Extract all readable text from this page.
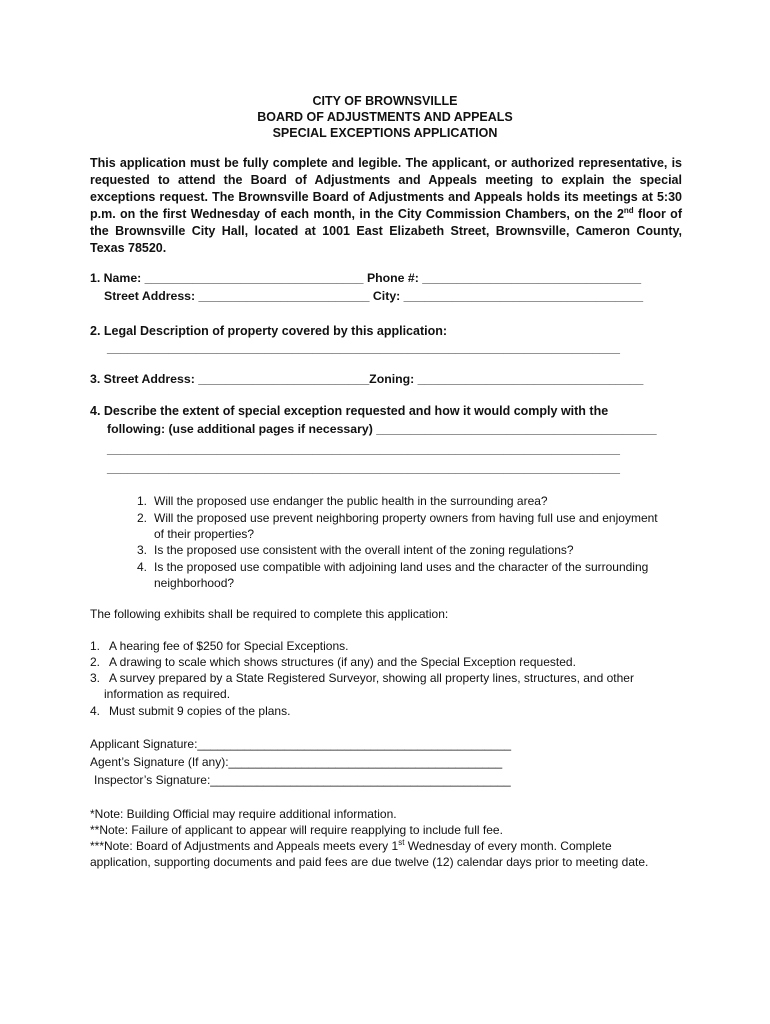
CITY OF BROWNSVILLE
BOARD OF ADJUSTMENTS AND APPEALS
SPECIAL EXCEPTIONS APPLICATION
This application must be fully complete and legible. The applicant, or authorized representative, is
requested to attend the Board of Adjustments and Appeals meeting to explain the special
exceptions request. The Brownsville Board of Adjustments and Appeals holds its meetings at 5:30
p.m. on the first Wednesday of each month, in the City Commission Chambers, on the 2nd floor of
the Brownsville City Hall, located at 1001 East Elizabeth Street, Brownsville, Cameron County,
Texas 78520.
1. Name: ________________________________ Phone #: ________________________________
Street Address: _________________________ City: ___________________________________
2. Legal Description of property covered by this application:
___________________________________________________________________________
3. Street Address: _________________________Zoning: _________________________________
4. Describe the extent of special exception requested and how it would comply with the
following: (use additional pages if necessary) _________________________________________
___________________________________________________________________________
___________________________________________________________________________
1. Will the proposed use endanger the public health in the surrounding area?
2. Will the proposed use prevent neighboring property owners from having full use and enjoyment
of their properties?
3. Is the proposed use consistent with the overall intent of the zoning regulations?
4. Is the proposed use compatible with adjoining land uses and the character of the surrounding
neighborhood?
The following exhibits shall be required to complete this application:
1. A hearing fee of $250 for Special Exceptions.
2. A drawing to scale which shows structures (if any) and the Special Exception requested.
3. A survey prepared by a State Registered Surveyor, showing all property lines, structures, and other
information as required.
4. Must submit 9 copies of the plans.
Applicant Signature:_______________________________________________
Agent’s Signature (If any):_________________________________________
Inspector’s Signature:_____________________________________________
*Note: Building Official may require additional information.
**Note: Failure of applicant to appear will require reapplying to include full fee.
***Note: Board of Adjustments and Appeals meets every 1st Wednesday of every month. Complete
application, supporting documents and paid fees are due twelve (12) calendar days prior to meeting date.
